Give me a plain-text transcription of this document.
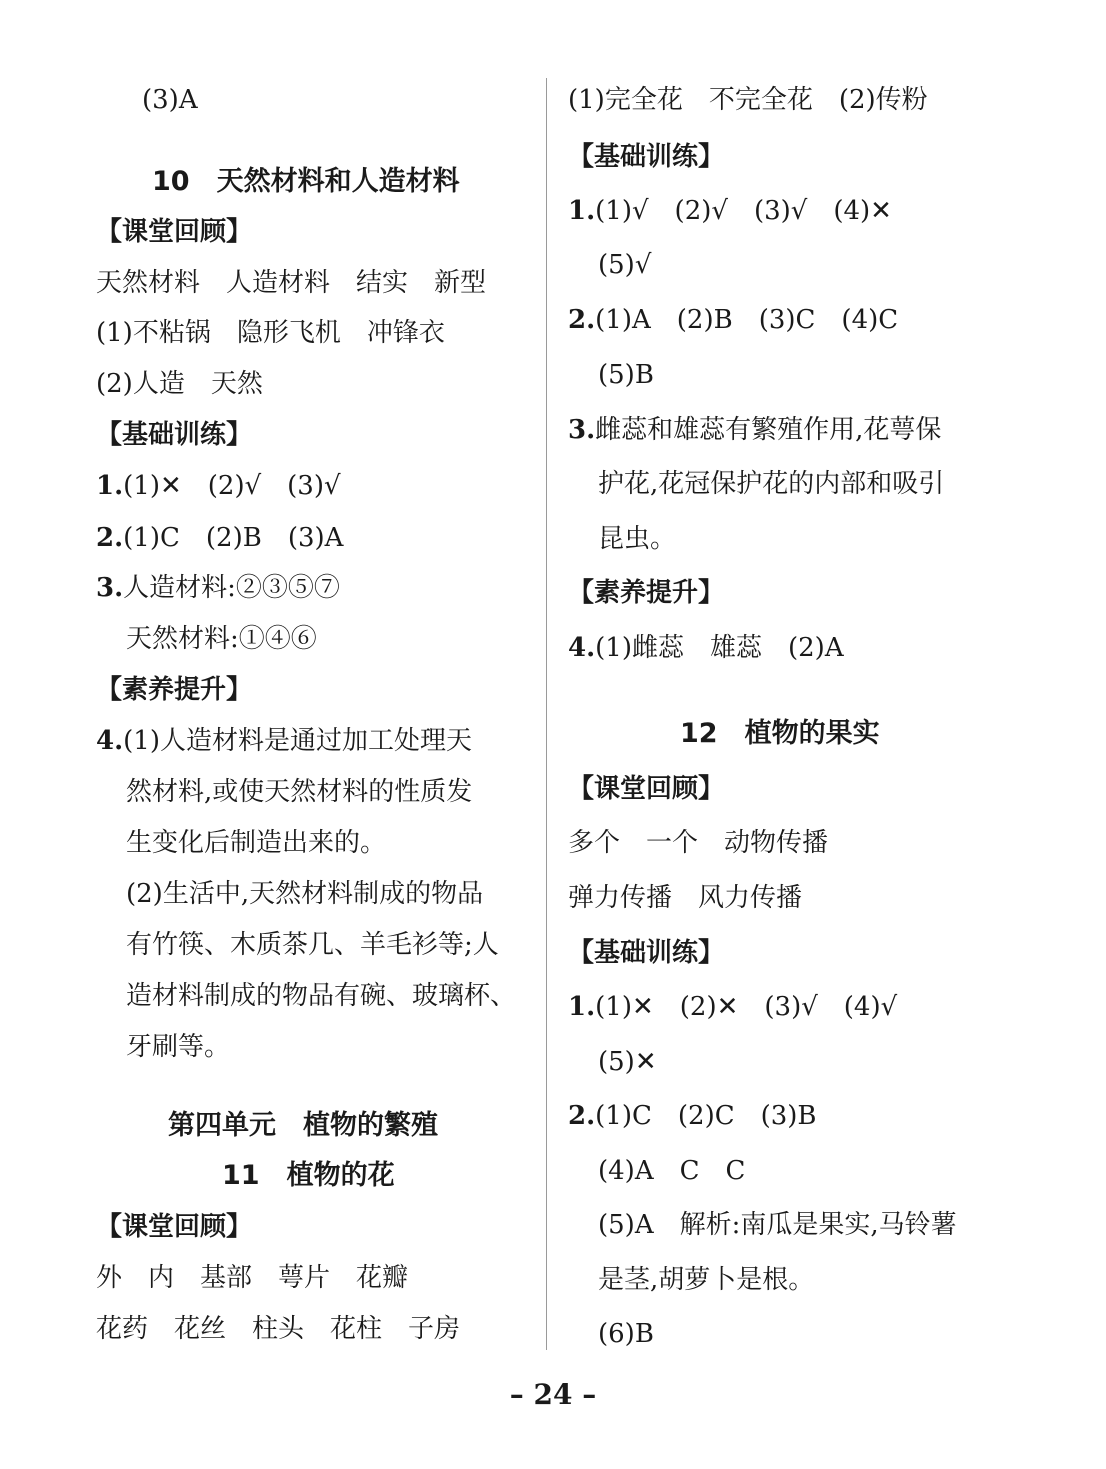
(3)A
10　天然材料和人造材料
【课堂回顾】
天然材料　人造材料　结实　新型
(1)不粘锅　隐形飞机　冲锋衣
(2)人造　天然
【基础训练】
1.(1)✕　(2)√　(3)√
2.(1)C　(2)B　(3)A
3.人造材料:②③⑤⑦
天然材料:①④⑥
【素养提升】
4.(1)人造材料是通过加工处理天
然材料,或使天然材料的性质发
生变化后制造出来的。
(2)生活中,天然材料制成的物品
有竹筷、木质茶几、羊毛衫等;人
造材料制成的物品有碗、玻璃杯、
牙刷等。
第四单元　植物的繁殖
11　植物的花
【课堂回顾】
外　内　基部　萼片　花瓣
花药　花丝　柱头　花柱　子房
(1)完全花　不完全花　(2)传粉
【基础训练】
1.(1)√　(2)√　(3)√　(4)✕
(5)√
2.(1)A　(2)B　(3)C　(4)C
(5)B
3.雌蕊和雄蕊有繁殖作用,花萼保
护花,花冠保护花的内部和吸引
昆虫。
【素养提升】
4.(1)雌蕊　雄蕊　(2)A
12　植物的果实
【课堂回顾】
多个　一个　动物传播
弹力传播　风力传播
【基础训练】
1.(1)✕　(2)✕　(3)√　(4)√
(5)✕
2.(1)C　(2)C　(3)B
(4)A　C　C
(5)A　解析:南瓜是果实,马铃薯
是茎,胡萝卜是根。
(6)B
– 24 –
